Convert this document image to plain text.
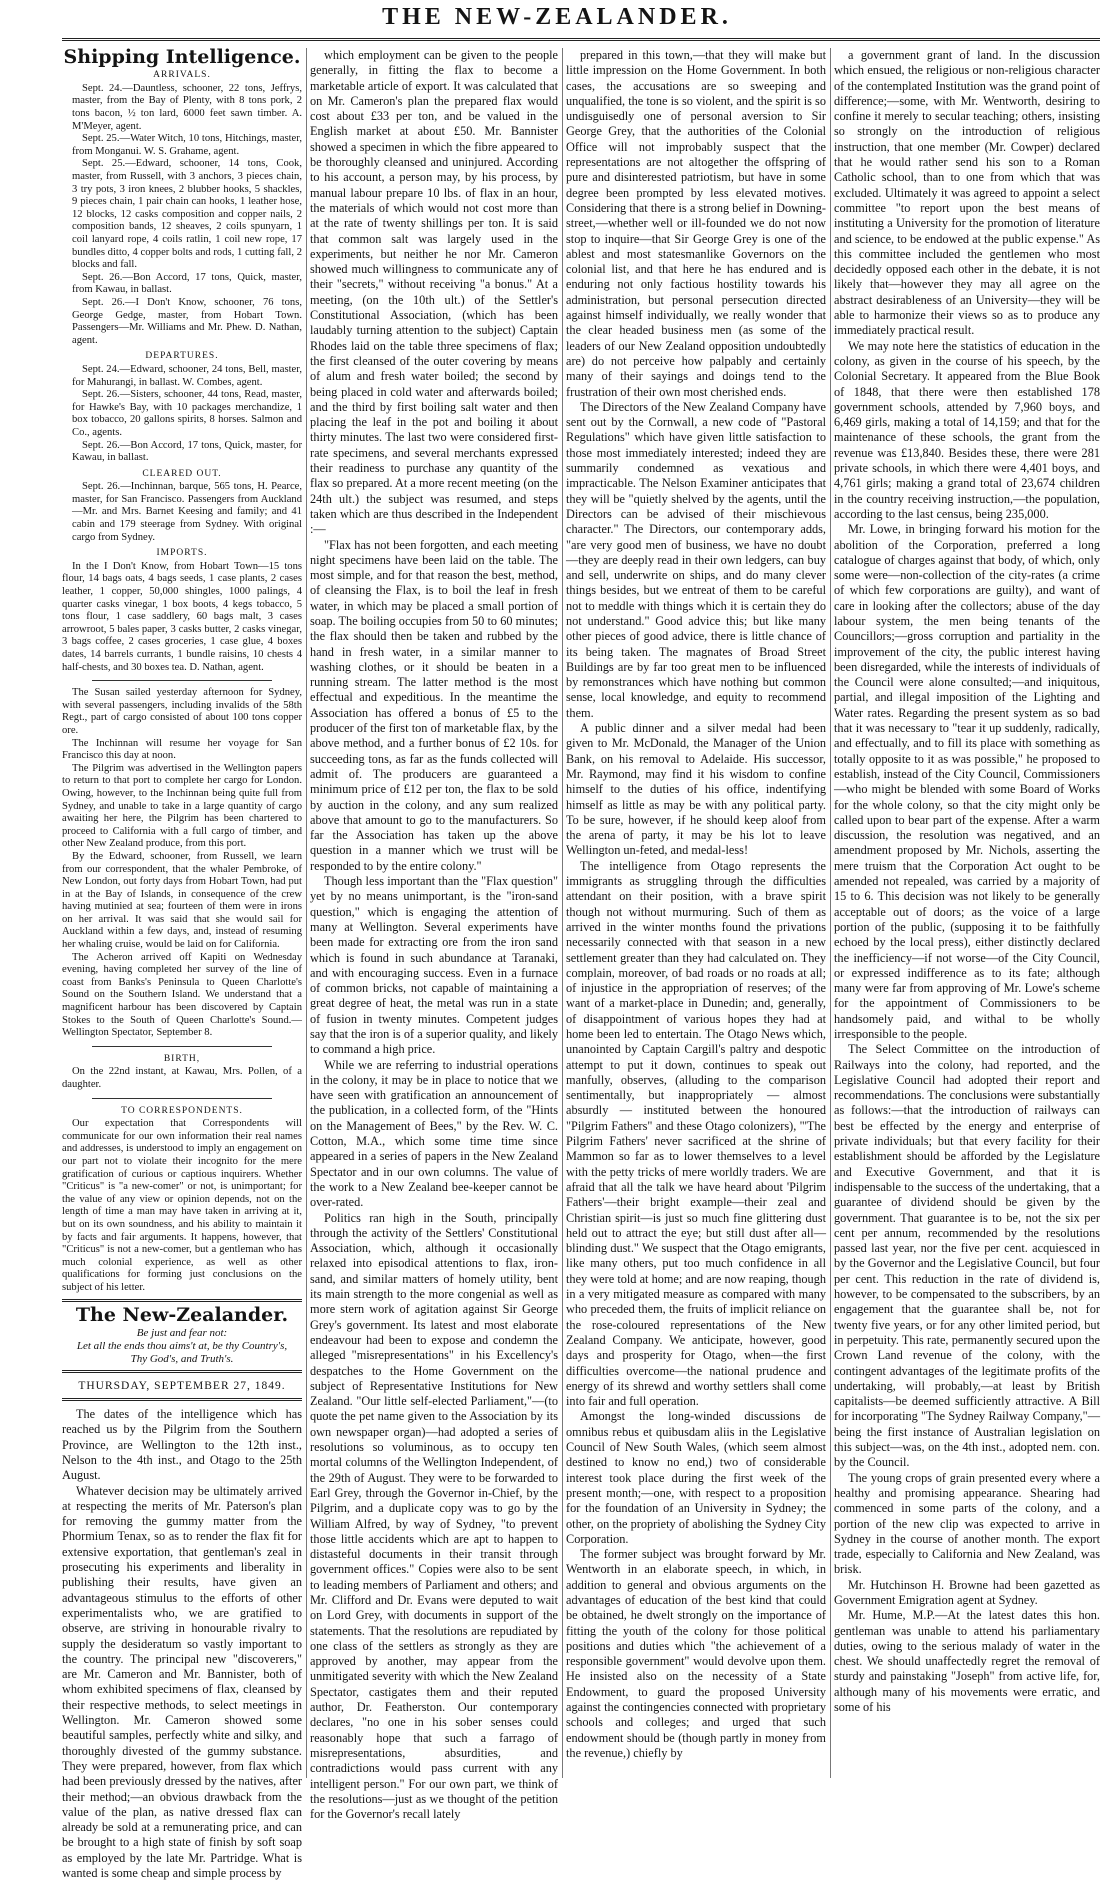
THE NEW-ZEALANDER.
Shipping Intelligence.
ARRIVALS.

Sept. 24.—Dauntless, schooner, 22 tons, Jeffrys, master, from the Bay of Plenty, with 8 tons pork, 2 tons bacon, ½ ton lard, 6000 feet sawn timber. A. M'Meyer, agent.

Sept. 25.—Water Witch, 10 tons, Hitchings, master, from Monganui. W. S. Grahame, agent.

Sept. 25.—Edward, schooner, 14 tons, Cook, master, from Russell, with 3 anchors, 3 pieces chain, 3 try pots, 3 iron knees, 2 blubber hooks, 5 shackles, 9 pieces chain, 1 pair chain can hooks, 1 leather hose, 12 blocks, 12 casks composition and copper nails, 2 composition bands, 12 sheaves, 2 coils spunyarn, 1 coil lanyard rope, 4 coils ratlin, 1 coil new rope, 17 bundles ditto, 4 copper bolts and rods, 1 cutting fall, 2 blocks and fall.

Sept. 26.—Bon Accord, 17 tons, Quick, master, from Kawau, in ballast.

Sept. 26.—I Don't Know, schooner, 76 tons, George Gedge, master, from Hobart Town. Passengers—Mr. Williams and Mr. Phew. D. Nathan, agent.

DEPARTURES.

Sept. 24.—Edward, schooner, 24 tons, Bell, master, for Mahurangi, in ballast. W. Combes, agent.

Sept. 26.—Sisters, schooner, 44 tons, Read, master, for Hawke's Bay, with 10 packages merchandize, 1 box tobacco, 20 gallons spirits, 8 horses. Salmon and Co., agents.

Sept. 26.—Bon Accord, 17 tons, Quick, master, for Kawau, in ballast.

CLEARED OUT.

Sept. 26.—Inchinnan, barque, 565 tons, H. Pearce, master, for San Francisco. Passengers from Auckland—Mr. and Mrs. Barnet Keesing and family; and 41 cabin and 179 steerage from Sydney. With original cargo from Sydney.

IMPORTS.

In the I Don't Know, from Hobart Town—15 tons flour, 14 bags oats, 4 bags seeds, 1 case plants, 2 cases leather, 1 copper, 50,000 shingles, 1000 palings, 4 quarter casks vinegar, 1 box boots, 4 kegs tobacco, 5 tons flour, 1 case saddlery, 60 bags malt, 3 cases arrowroot, 5 bales paper, 3 casks butter, 2 casks vinegar, 3 bags coffee, 2 cases groceries, 1 case glue, 4 boxes dates, 14 barrels currants, 1 bundle raisins, 10 chests 4 half-chests, and 30 boxes tea. D. Nathan, agent.

The Susan sailed yesterday afternoon for Sydney, with several passengers, including invalids of the 58th Regt., part of cargo consisted of about 100 tons copper ore.

The Inchinnan will resume her voyage for San Francisco this day at noon.

The Pilgrim was advertised in the Wellington papers to return to that port to complete her cargo for London. Owing, however, to the Inchinnan being quite full from Sydney, and unable to take in a large quantity of cargo awaiting her here, the Pilgrim has been chartered to proceed to California with a full cargo of timber, and other New Zealand produce, from this port.

By the Edward, schooner, from Russell, we learn from our correspondent, that the whaler Pembroke, of New London, out forty days from Hobart Town, had put in at the Bay of Islands, in consequence of the crew having mutinied at sea; fourteen of them were in irons on her arrival. It was said that she would sail for Auckland within a few days, and, instead of resuming her whaling cruise, would be laid on for California.

The Acheron arrived off Kapiti on Wednesday evening, having completed her survey of the line of coast from Banks's Peninsula to Queen Charlotte's Sound on the Southern Island. We understand that a magnificent harbour has been discovered by Captain Stokes to the South of Queen Charlotte's Sound.—Wellington Spectator, September 8.

BIRTH,

On the 22nd instant, at Kawau, Mrs. Pollen, of a daughter.

TO CORRESPONDENTS.

Our expectation that Correspondents will communicate for our own information their real names and addresses, is understood to imply an engagement on our part not to violate their incognito for the mere gratification of curious or captious inquirers. Whether "Criticus" is "a new-comer" or not, is unimportant; for the value of any view or opinion depends, not on the length of time a man may have taken in arriving at it, but on its own soundness, and his ability to maintain it by facts and fair arguments. It happens, however, that "Criticus" is not a new-comer, but a gentleman who has much colonial experience, as well as other qualifications for forming just conclusions on the subject of his letter.

The New-Zealander.
Be just and fear not:
Let all the ends thou aims't at, be thy Country's,
Thy God's, and Truth's.
THURSDAY, SEPTEMBER 27, 1849.

The dates of the intelligence which has reached us by the Pilgrim from the Southern Province, are Wellington to the 12th inst., Nelson to the 4th inst., and Otago to the 25th August.

Whatever decision may be ultimately arrived at respecting the merits of Mr. Paterson's plan for removing the gummy matter from the Phormium Tenax, so as to render the flax fit for extensive exportation, that gentleman's zeal in prosecuting his experiments and liberality in publishing their results, have given an advantageous stimulus to the efforts of other experimentalists who, we are gratified to observe, are striving in honourable rivalry to supply the desideratum so vastly important to the country. The principal new "discoverers," are Mr. Cameron and Mr. Bannister, both of whom exhibited specimens of flax, cleansed by their respective methods, to select meetings in Wellington. Mr. Cameron showed some beautiful samples, perfectly white and silky, and thoroughly divested of the gummy substance. They were prepared, however, from flax which had been previously dressed by the natives, after their method;—an obvious drawback from the value of the plan, as native dressed flax can already be sold at a remunerating price, and can be brought to a high state of finish by soft soap as employed by the late Mr. Partridge. What is wanted is some cheap and simple process by

which employment can be given to the people generally, in fitting the flax to become a marketable article of export. It was calculated that on Mr. Cameron's plan the prepared flax would cost about £33 per ton, and be valued in the English market at about £50. Mr. Bannister showed a specimen in which the fibre appeared to be thoroughly cleansed and uninjured. According to his account, a person may, by his process, by manual labour prepare 10 lbs. of flax in an hour, the materials of which would not cost more than at the rate of twenty shillings per ton. It is said that common salt was largely used in the experiments, but neither he nor Mr. Cameron showed much willingness to communicate any of their "secrets," without receiving "a bonus." At a meeting, (on the 10th ult.) of the Settler's Constitutional Association, (which has been laudably turning attention to the subject) Captain Rhodes laid on the table three specimens of flax; the first cleansed of the outer covering by means of alum and fresh water boiled; the second by being placed in cold water and afterwards boiled; and the third by first boiling salt water and then placing the leaf in the pot and boiling it about thirty minutes. The last two were considered first-rate specimens, and several merchants expressed their readiness to purchase any quantity of the flax so prepared. At a more recent meeting (on the 24th ult.) the subject was resumed, and steps taken which are thus described in the Independent :—

"Flax has not been forgotten, and each meeting night specimens have been laid on the table. The most simple, and for that reason the best, method, of cleansing the Flax, is to boil the leaf in fresh water, in which may be placed a small portion of soap. The boiling occupies from 50 to 60 minutes; the flax should then be taken and rubbed by the hand in fresh water, in a similar manner to washing clothes, or it should be beaten in a running stream. The latter method is the most effectual and expeditious. In the meantime the Association has offered a bonus of £5 to the producer of the first ton of marketable flax, by the above method, and a further bonus of £2 10s. for succeeding tons, as far as the funds collected will admit of. The producers are guaranteed a minimum price of £12 per ton, the flax to be sold by auction in the colony, and any sum realized above that amount to go to the manufacturers. So far the Association has taken up the above question in a manner which we trust will be responded to by the entire colony."

Though less important than the "Flax question" yet by no means unimportant, is the "iron-sand question," which is engaging the attention of many at Wellington. Several experiments have been made for extracting ore from the iron sand which is found in such abundance at Taranaki, and with encouraging success. Even in a furnace of common bricks, not capable of maintaining a great degree of heat, the metal was run in a state of fusion in twenty minutes. Competent judges say that the iron is of a superior quality, and likely to command a high price.

While we are referring to industrial operations in the colony, it may be in place to notice that we have seen with gratification an announcement of the publication, in a collected form, of the "Hints on the Management of Bees," by the Rev. W. C. Cotton, M.A., which some time time since appeared in a series of papers in the New Zealand Spectator and in our own columns. The value of the work to a New Zealand bee-keeper cannot be over-rated.

Politics ran high in the South, principally through the activity of the Settlers' Constitutional Association, which, although it occasionally relaxed into episodical attentions to flax, iron-sand, and similar matters of homely utility, bent its main strength to the more congenial as well as more stern work of agitation against Sir George Grey's government. Its latest and most elaborate endeavour had been to expose and condemn the alleged "misrepresentations" in his Excellency's despatches to the Home Government on the subject of Representative Institutions for New Zealand. "Our little self-elected Parliament,"—(to quote the pet name given to the Association by its own newspaper organ)—had adopted a series of resolutions so voluminous, as to occupy ten mortal columns of the Wellington Independent, of the 29th of August. They were to be forwarded to Earl Grey, through the Governor in-Chief, by the Pilgrim, and a duplicate copy was to go by the William Alfred, by way of Sydney, "to prevent those little accidents which are apt to happen to distasteful documents in their transit through government offices." Copies were also to be sent to leading members of Parliament and others; and Mr. Clifford and Dr. Evans were deputed to wait on Lord Grey, with documents in support of the statements. That the resolutions are repudiated by one class of the settlers as strongly as they are approved by another, may appear from the unmitigated severity with which the New Zealand Spectator, castigates them and their reputed author, Dr. Featherston. Our contemporary declares, "no one in his sober senses could reasonably hope that such a farrago of misrepresentations, absurdities, and contradictions would pass current with any intelligent person." For our own part, we think of the resolutions—just as we thought of the petition for the Governor's recall lately

prepared in this town,—that they will make but little impression on the Home Government. In both cases, the accusations are so sweeping and unqualified, the tone is so violent, and the spirit is so undisguisedly one of personal aversion to Sir George Grey, that the authorities of the Colonial Office will not improbably suspect that the representations are not altogether the offspring of pure and disinterested patriotism, but have in some degree been prompted by less elevated motives. Considering that there is a strong belief in Downing-street,—whether well or ill-founded we do not now stop to inquire—that Sir George Grey is one of the ablest and most statesmanlike Governors on the colonial list, and that here he has endured and is enduring not only factious hostility towards his administration, but personal persecution directed against himself individually, we really wonder that the clear headed business men (as some of the leaders of our New Zealand opposition undoubtedly are) do not perceive how palpably and certainly many of their sayings and doings tend to the frustration of their own most cherished ends.

The Directors of the New Zealand Company have sent out by the Cornwall, a new code of "Pastoral Regulations" which have given little satisfaction to those most immediately interested; indeed they are summarily condemned as vexatious and impracticable. The Nelson Examiner anticipates that they will be "quietly shelved by the agents, until the Directors can be advised of their mischievous character." The Directors, our contemporary adds, "are very good men of business, we have no doubt—they are deeply read in their own ledgers, can buy and sell, underwrite on ships, and do many clever things besides, but we entreat of them to be careful not to meddle with things which it is certain they do not understand." Good advice this; but like many other pieces of good advice, there is little chance of its being taken. The magnates of Broad Street Buildings are by far too great men to be influenced by remonstrances which have nothing but common sense, local knowledge, and equity to recommend them.

A public dinner and a silver medal had been given to Mr. McDonald, the Manager of the Union Bank, on his removal to Adelaide. His successor, Mr. Raymond, may find it his wisdom to confine himself to the duties of his office, indentifying himself as little as may be with any political party. To be sure, however, if he should keep aloof from the arena of party, it may be his lot to leave Wellington un-feted, and medal-less!

The intelligence from Otago represents the immigrants as struggling through the difficulties attendant on their position, with a brave spirit though not without murmuring. Such of them as arrived in the winter months found the privations necessarily connected with that season in a new settlement greater than they had calculated on. They complain, moreover, of bad roads or no roads at all; of injustice in the appropriation of reserves; of the want of a market-place in Dunedin; and, generally, of disappointment of various hopes they had at home been led to entertain. The Otago News which, unanointed by Captain Cargill's paltry and despotic attempt to put it down, continues to speak out manfully, observes, (alluding to the comparison sentimentally, but inappropriately — almost absurdly — instituted between the honoured "Pilgrim Fathers" and these Otago colonizers), "'The Pilgrim Fathers' never sacrificed at the shrine of Mammon so far as to lower themselves to a level with the petty tricks of mere worldly traders. We are afraid that all the talk we have heard about 'Pilgrim Fathers'—their bright example—their zeal and Christian spirit—is just so much fine glittering dust held out to attract the eye; but still dust after all—blinding dust." We suspect that the Otago emigrants, like many others, put too much confidence in all they were told at home; and are now reaping, though in a very mitigated measure as compared with many who preceded them, the fruits of implicit reliance on the rose-coloured representations of the New Zealand Company. We anticipate, however, good days and prosperity for Otago, when—the first difficulties overcome—the national prudence and energy of its shrewd and worthy settlers shall come into fair and full operation.

Amongst the long-winded discussions de omnibus rebus et quibusdam aliis in the Legislative Council of New South Wales, (which seem almost destined to know no end,) two of considerable interest took place during the first week of the present month;—one, with respect to a proposition for the foundation of an University in Sydney; the other, on the propriety of abolishing the Sydney City Corporation.

The former subject was brought forward by Mr. Wentworth in an elaborate speech, in which, in addition to general and obvious arguments on the advantages of education of the best kind that could be obtained, he dwelt strongly on the importance of fitting the youth of the colony for those political positions and duties which "the achievement of a responsible government" would devolve upon them. He insisted also on the necessity of a State Endowment, to guard the proposed University against the contingencies connected with proprietary schools and colleges; and urged that such endowment should be (though partly in money from the revenue,) chiefly by

a government grant of land. In the discussion which ensued, the religious or non-religious character of the contemplated Institution was the grand point of difference;—some, with Mr. Wentworth, desiring to confine it merely to secular teaching; others, insisting so strongly on the introduction of religious instruction, that one member (Mr. Cowper) declared that he would rather send his son to a Roman Catholic school, than to one from which that was excluded. Ultimately it was agreed to appoint a select committee "to report upon the best means of instituting a University for the promotion of literature and science, to be endowed at the public expense." As this committee included the gentlemen who most decidedly opposed each other in the debate, it is not likely that—however they may all agree on the abstract desirableness of an University—they will be able to harmonize their views so as to produce any immediately practical result.

We may note here the statistics of education in the colony, as given in the course of his speech, by the Colonial Secretary. It appeared from the Blue Book of 1848, that there were then established 178 government schools, attended by 7,960 boys, and 6,469 girls, making a total of 14,159; and that for the maintenance of these schools, the grant from the revenue was £13,840. Besides these, there were 281 private schools, in which there were 4,401 boys, and 4,761 girls; making a grand total of 23,674 children in the country receiving instruction,—the population, according to the last census, being 235,000.

Mr. Lowe, in bringing forward his motion for the abolition of the Corporation, preferred a long catalogue of charges against that body, of which, only some were—non-collection of the city-rates (a crime of which few corporations are guilty), and want of care in looking after the collectors; abuse of the day labour system, the men being tenants of the Councillors;—gross corruption and partiality in the improvement of the city, the public interest having been disregarded, while the interests of individuals of the Council were alone consulted;—and iniquitous, partial, and illegal imposition of the Lighting and Water rates. Regarding the present system as so bad that it was necessary to "tear it up suddenly, radically, and effectually, and to fill its place with something as totally opposite to it as was possible," he proposed to establish, instead of the City Council, Commissioners—who might be blended with some Board of Works for the whole colony, so that the city might only be called upon to bear part of the expense. After a warm discussion, the resolution was negatived, and an amendment proposed by Mr. Nichols, asserting the mere truism that the Corporation Act ought to be amended not repealed, was carried by a majority of 15 to 6. This decision was not likely to be generally acceptable out of doors; as the voice of a large portion of the public, (supposing it to be faithfully echoed by the local press), either distinctly declared the inefficiency—if not worse—of the City Council, or expressed indifference as to its fate; although many were far from approving of Mr. Lowe's scheme for the appointment of Commissioners to be handsomely paid, and withal to be wholly irresponsible to the people.

The Select Committee on the introduction of Railways into the colony, had reported, and the Legislative Council had adopted their report and recommendations. The conclusions were substantially as follows:—that the introduction of railways can best be effected by the energy and enterprise of private individuals; but that every facility for their establishment should be afforded by the Legislature and Executive Government, and that it is indispensable to the success of the undertaking, that a guarantee of dividend should be given by the government. That guarantee is to be, not the six per cent per annum, recommended by the resolutions passed last year, nor the five per cent. acquiesced in by the Governor and the Legislative Council, but four per cent. This reduction in the rate of dividend is, however, to be compensated to the subscribers, by an engagement that the guarantee shall be, not for twenty five years, or for any other limited period, but in perpetuity. This rate, permanently secured upon the Crown Land revenue of the colony, with the contingent advantages of the legitimate profits of the undertaking, will probably,—at least by British capitalists—be deemed sufficiently attractive. A Bill for incorporating "The Sydney Railway Company,"—being the first instance of Australian legislation on this subject—was, on the 4th inst., adopted nem. con. by the Council.

The young crops of grain presented every where a healthy and promising appearance. Shearing had commenced in some parts of the colony, and a portion of the new clip was expected to arrive in Sydney in the course of another month. The export trade, especially to California and New Zealand, was brisk.

Mr. Hutchinson H. Browne had been gazetted as Government Emigration agent at Sydney.

Mr. Hume, M.P.—At the latest dates this hon. gentleman was unable to attend his parliamentary duties, owing to the serious malady of water in the chest. We should unaffectedly regret the removal of sturdy and painstaking "Joseph" from active life, for, although many of his movements were erratic, and some of his
